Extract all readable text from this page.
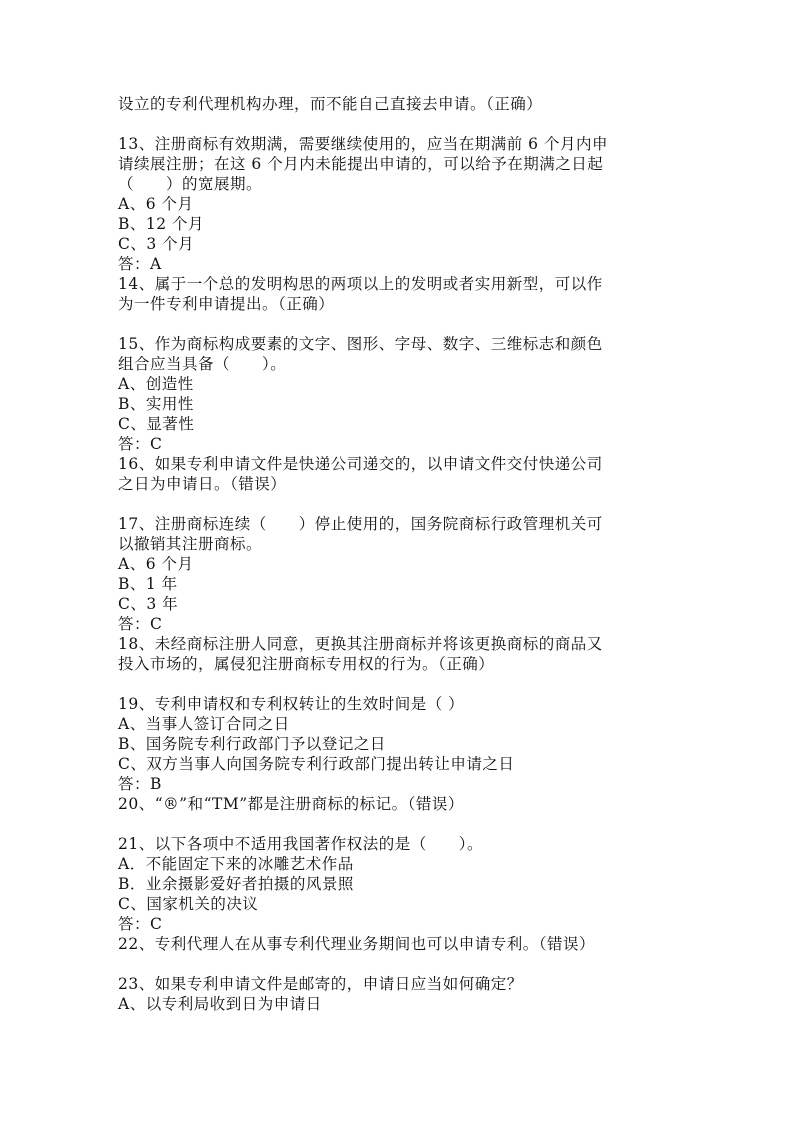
设立的专利代理机构办理，而不能自己直接去申请。（正确）
13、注册商标有效期满，需要继续使用的，应当在期满前 6 个月内申
请续展注册；在这 6 个月内未能提出申请的，可以给予在期满之日起
（　　）的宽展期。
A、6 个月
B、12 个月
C、3 个月
答：A
14、属于一个总的发明构思的两项以上的发明或者实用新型，可以作
为一件专利申请提出。（正确）
15、作为商标构成要素的文字、图形、字母、数字、三维标志和颜色
组合应当具备（　　）。
A、创造性
B、实用性
C、显著性
答：C
16、如果专利申请文件是快递公司递交的，以申请文件交付快递公司
之日为申请日。（错误）
17、注册商标连续（　　）停止使用的，国务院商标行政管理机关可
以撤销其注册商标。
A、6 个月
B、1 年
C、3 年
答：C
18、未经商标注册人同意，更换其注册商标并将该更换商标的商品又
投入市场的，属侵犯注册商标专用权的行为。（正确）
19、专利申请权和专利权转让的生效时间是（ ）
A、当事人签订合同之日
B、国务院专利行政部门予以登记之日
C、双方当事人向国务院专利行政部门提出转让申请之日
答：B
20、“®”和“TM”都是注册商标的标记。（错误）
21、以下各项中不适用我国著作权法的是（　　）。
A．不能固定下来的冰雕艺术作品
B．业余摄影爱好者拍摄的风景照
C、国家机关的决议
答：C
22、专利代理人在从事专利代理业务期间也可以申请专利。（错误）
23、如果专利申请文件是邮寄的，申请日应当如何确定？
A、以专利局收到日为申请日
